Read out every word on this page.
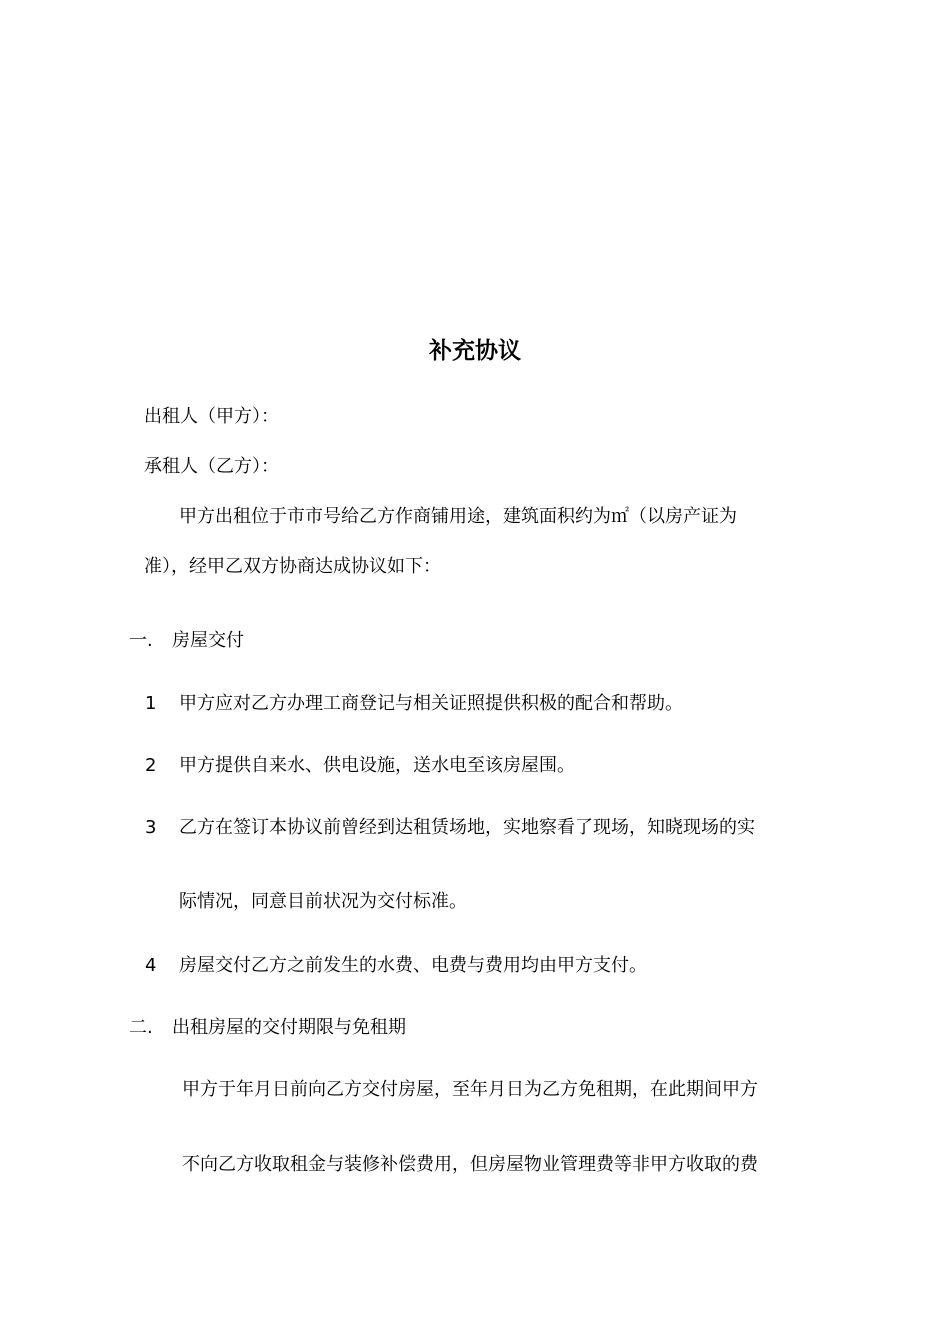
补充协议

出租人（甲方）：

承租人（乙方）：

甲方出租位于市市号给乙方作商铺用途，建筑面积约为㎡（以房产证为

准），经甲乙双方协商达成协议如下：

一. 房屋交付
1 甲方应对乙方办理工商登记与相关证照提供积极的配合和帮助。
2 甲方提供自来水、供电设施，送水电至该房屋围。
3 乙方在签订本协议前曾经到达租赁场地，实地察看了现场，知晓现场的实
际情况，同意目前状况为交付标准。
4 房屋交付乙方之前发生的水费、电费与费用均由甲方支付。
二. 出租房屋的交付期限与免租期

甲方于年月日前向乙方交付房屋，至年月日为乙方免租期，在此期间甲方

不向乙方收取租金与装修补偿费用，但房屋物业管理费等非甲方收取的费
